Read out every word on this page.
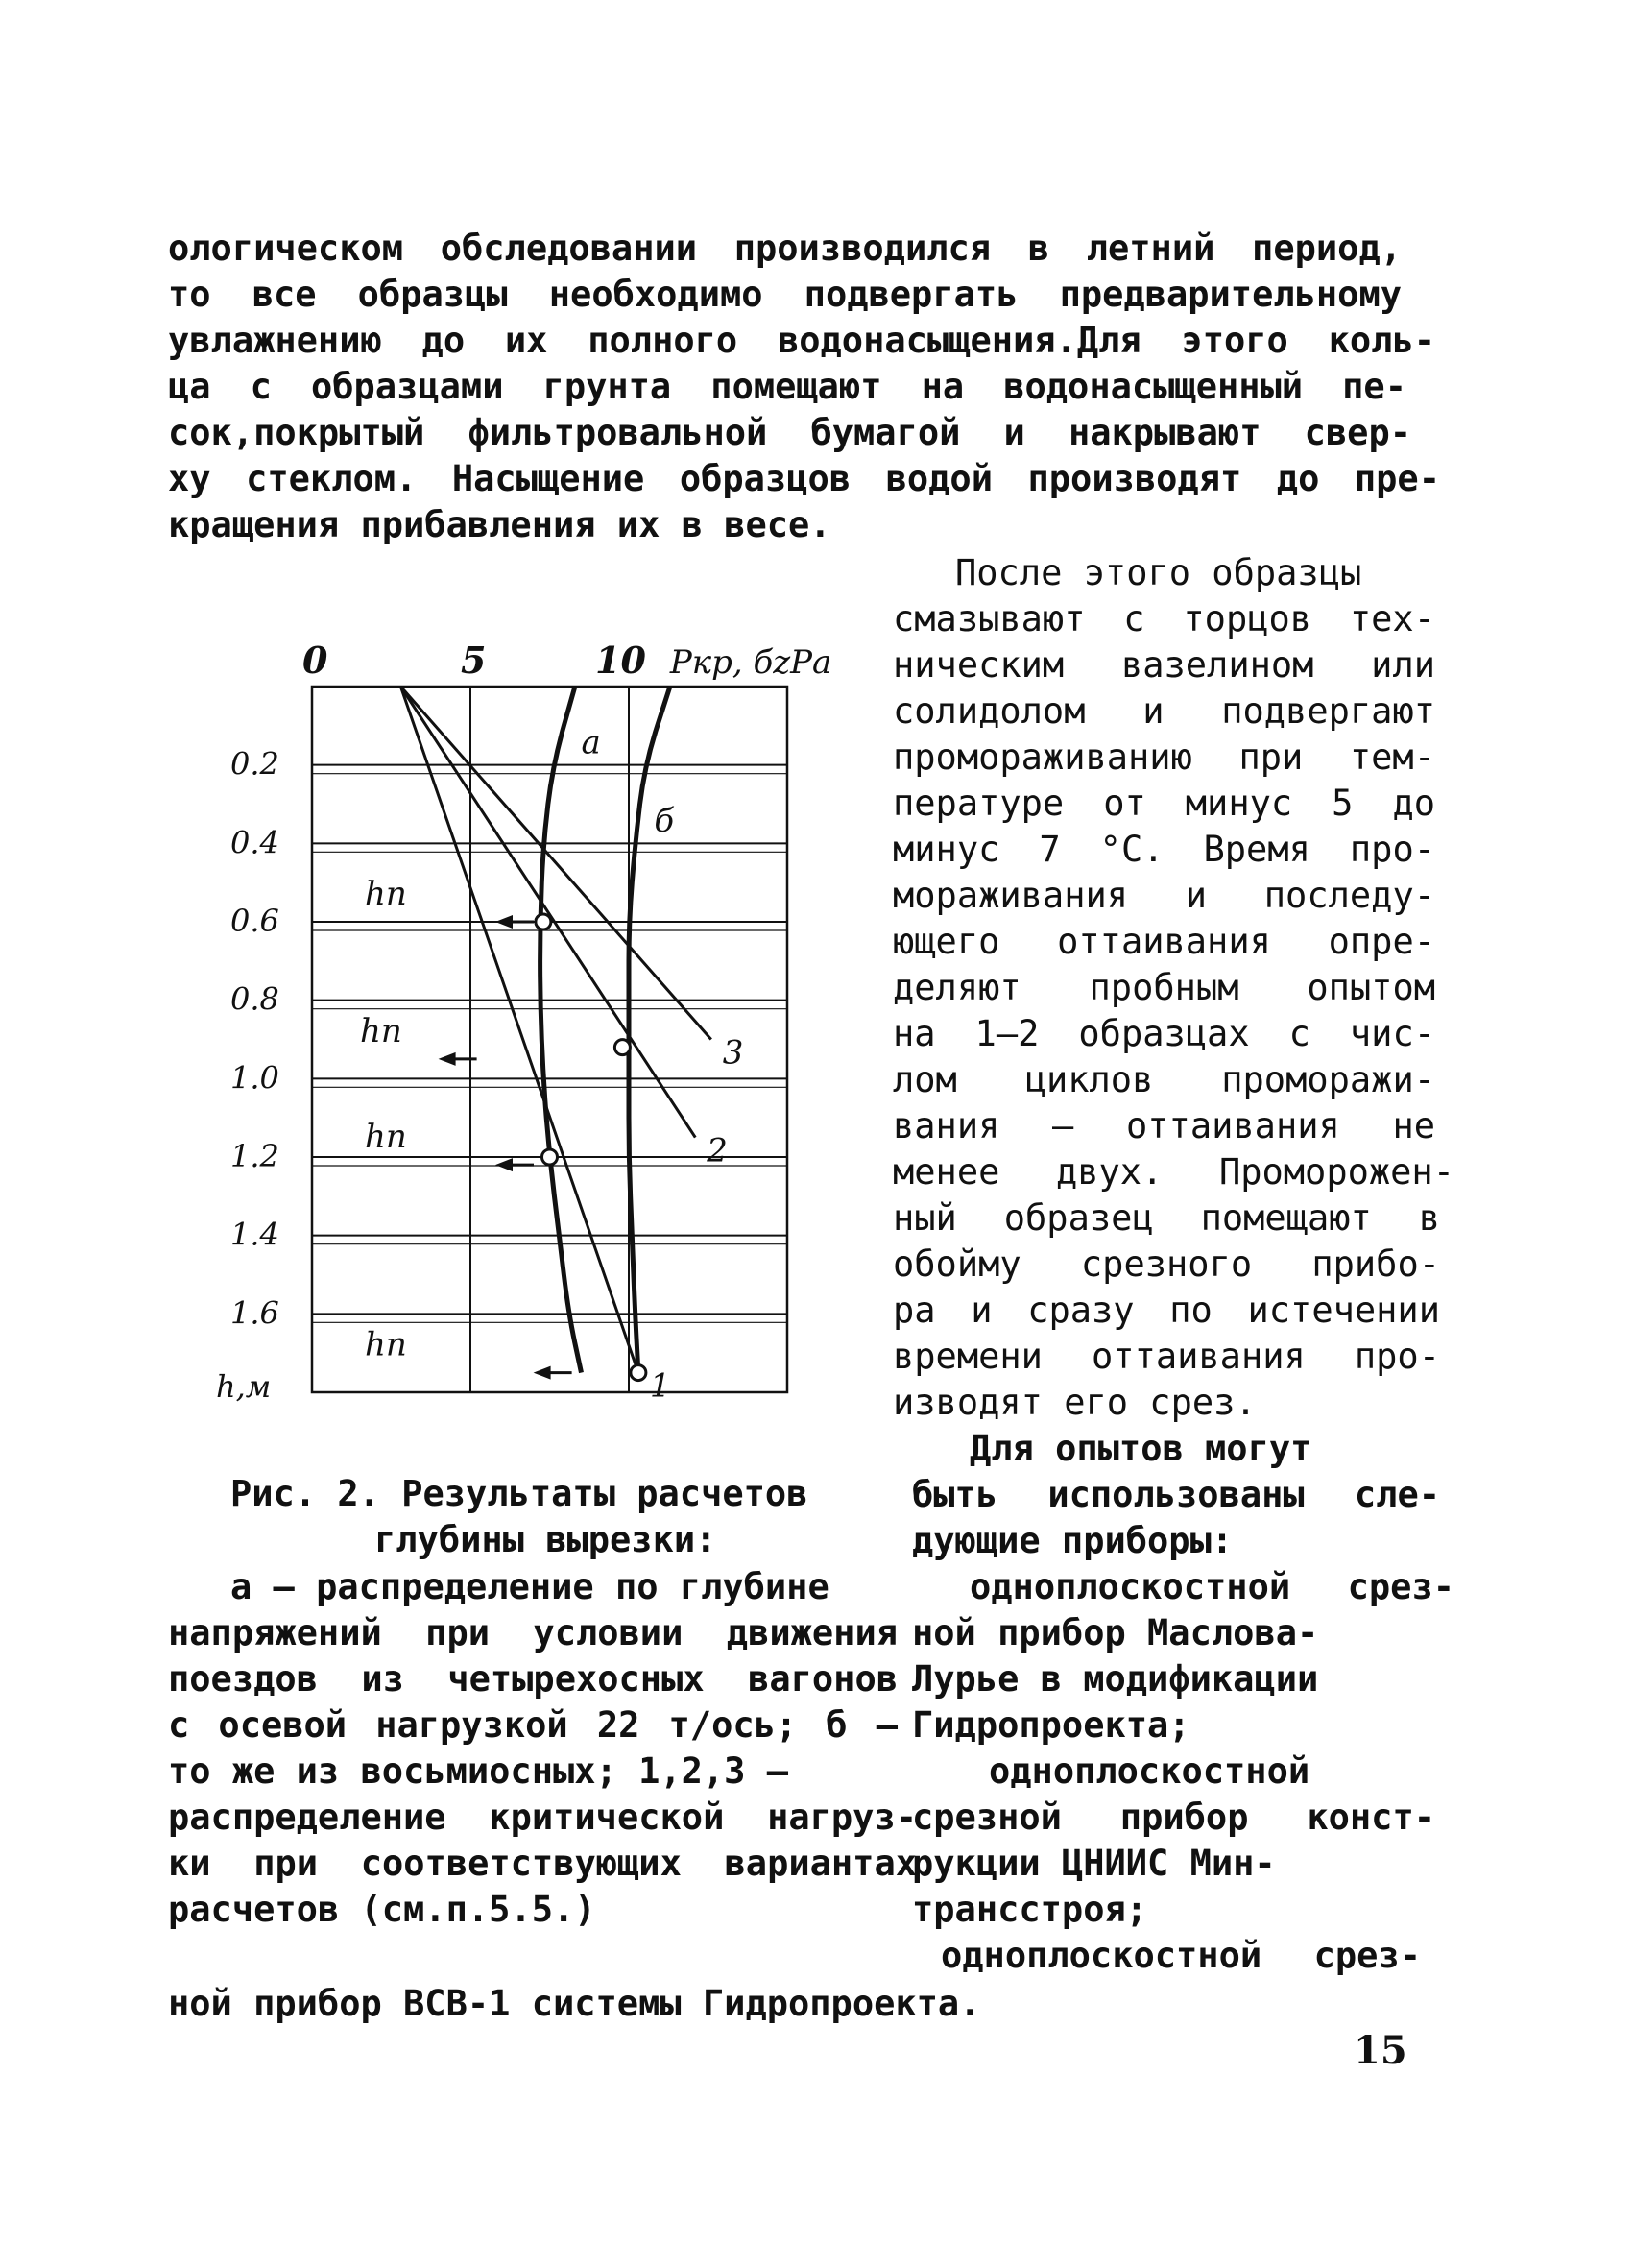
ологическом обследовании производился в летний период,
то все образцы необходимо подвергать предварительному
увлажнению до их полного водонасыщения.Для этого коль-
ца с образцами грунта помещают на водонасыщенный пе-
сок,покрытый фильтровальной бумагой и накрывают свер-
ху стеклом. Насыщение образцов водой производят до пре-
кращения прибавления их в весе.
После этого образцы
смазывают с торцов тех-
ническим вазелином или
солидолом и подвергают
промораживанию при тем-
пературе от минус 5 до
минус 7 °С. Время про-
мораживания и последу-
ющего оттаивания опре-
деляют пробным опытом
на 1–2 образцах с чис-
лом циклов проморажи-
вания – оттаивания не
менее двух. Проморожен-
ный образец помещают в
обойму срезного прибо-
ра и сразу по истечении
времени оттаивания про-
изводят его срез.
Для опытов могут
быть использованы сле-
дующие приборы:
одноплоскостной срез-
ной прибор Маслова-
Лурье в модификации
Гидропроекта;
одноплоскостной
срезной прибор конст-
рукции ЦНИИС Мин-
трансстроя;
одноплоскостной срез-
ной прибор ВСВ-1 системы Гидропроекта.
Рис. 2. Результаты расчетов
глубины вырезки:
а – распределение по глубине
напряжений при условии движения
поездов из четырехосных вагонов
с осевой нагрузкой 22 т/ось; б –
то же из восьмиосных; 1,2,3 –
распределение критической нагруз-
ки при соответствующих вариантах
расчетов (см.п.5.5.)
hп
hп
hп
hп
0	5	10 Ркр, бzРа
0.2
0.4
0.6
0.8
1.0
1.2
1.4
1.6
h,м
а
б
1
2
3
15
